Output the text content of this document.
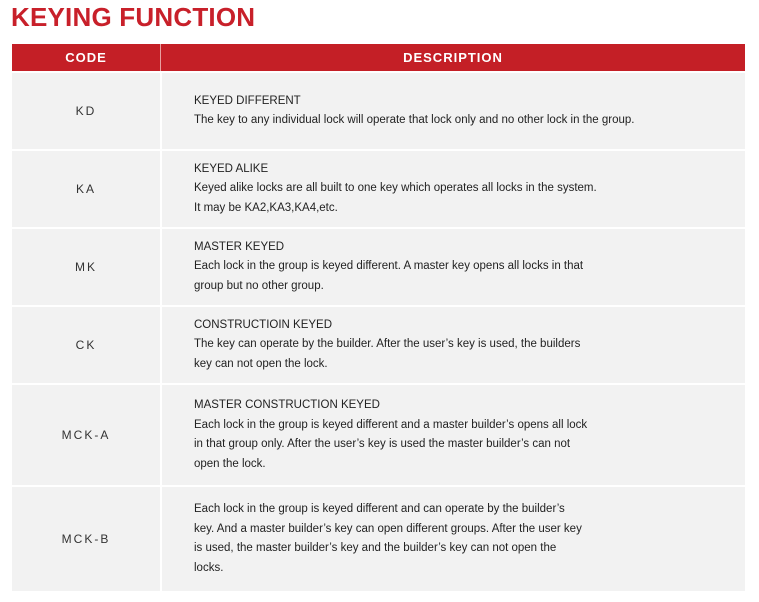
KEYING FUNCTION
CODE	DESCRIPTION
KD
KEYED DIFFERENT
The key to any individual lock will operate that lock only and no other lock in the group.
KA
KEYED ALIKE
Keyed alike locks are all built to one key which operates all locks in the system.
It may be KA2,KA3,KA4,etc.
MK
MASTER KEYED
Each lock in the group is keyed different. A master key opens all locks in that
group but no other group.
CK
CONSTRUCTIOIN KEYED
The key can operate by the builder. After the user’s key is used, the builders
key can not open the lock.
MCK-A
MASTER CONSTRUCTION KEYED
Each lock in the group is keyed different and a master builder’s opens all lock
in that group only. After the user’s key is used the master builder’s can not
open the lock.
MCK-B
Each lock in the group is keyed different and can operate by the builder’s
key. And a master builder’s key can open different groups. After the user key
is used, the master builder’s key and the builder’s key can not open the
locks.
